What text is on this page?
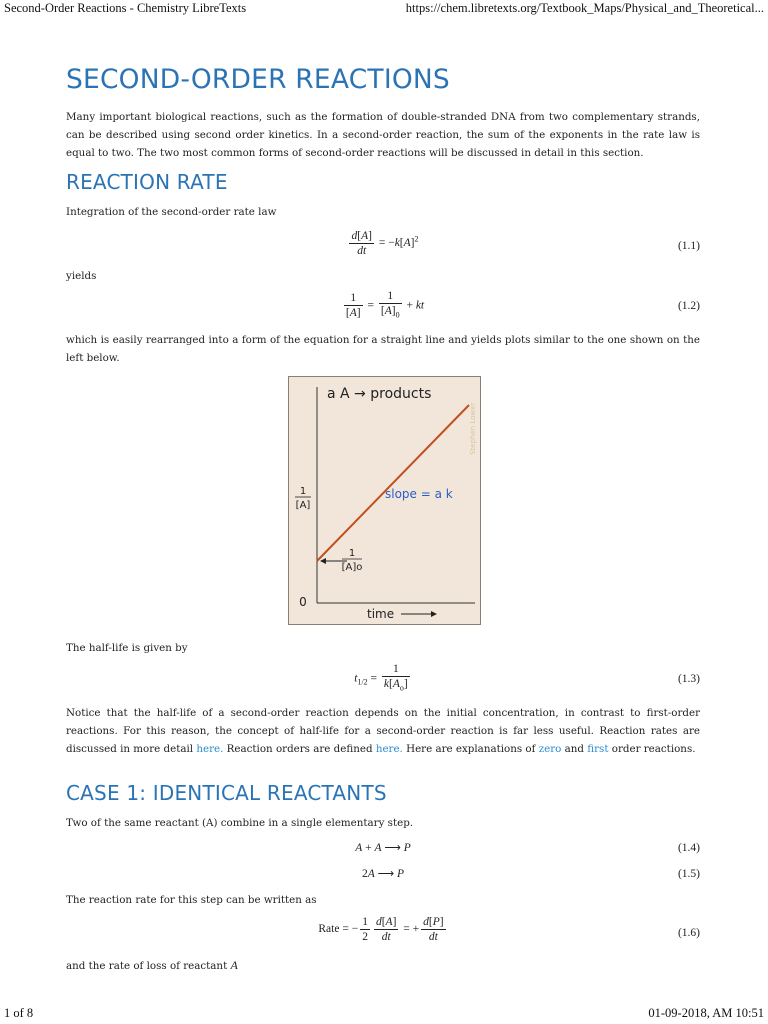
Second-Order Reactions - Chemistry LibreTexts	https://chem.libretexts.org/Textbook_Maps/Physical_and_Theoretical...
SECOND-ORDER REACTIONS

Many important biological reactions, such as the formation of double-stranded DNA from two complementary strands, can be described using second order kinetics. In a second-order reaction, the sum of the exponents in the rate law is equal to two. The two most common forms of second-order reactions will be discussed in detail in this section.

REACTION RATE

Integration of the second-order rate law

$\frac{d[A]}{dt} = -k[A]^2$
(1.1)

yields

$\frac{1}{[A]} = \frac{1}{[A]_0}$ + kt	(1.2)

which is easily rearranged into a form of the equation for a straight line and yields plots similar to the one shown on the left below.

a A → products
slope = a k
Stephen Lower
1
[A]
1
[A]o
0
time

The half-life is given by

$t_{1/2} = \frac{1}{k[A_o]}$	(1.3)

Notice that the half-life of a second-order reaction depends on the initial concentration, in contrast to first-order reactions. For this reason, the concept of half-life for a second-order reaction is far less useful. Reaction rates are discussed in more detail here. Reaction orders are defined here. Here are explanations of zero and first order reactions.

CASE 1: IDENTICAL REACTANTS

Two of the same reactant (A) combine in a single elementary step.

A + A ⟶ P	(1.4)
2A ⟶ P	(1.5)

The reaction rate for this step can be written as

Rate = − $\frac{1}{2} \frac{d[A]}{dt}$ = + $\frac{d[P]}{dt}$	(1.6)

and the rate of loss of reactant A

1 of 8	01-09-2018, AM 10:51
